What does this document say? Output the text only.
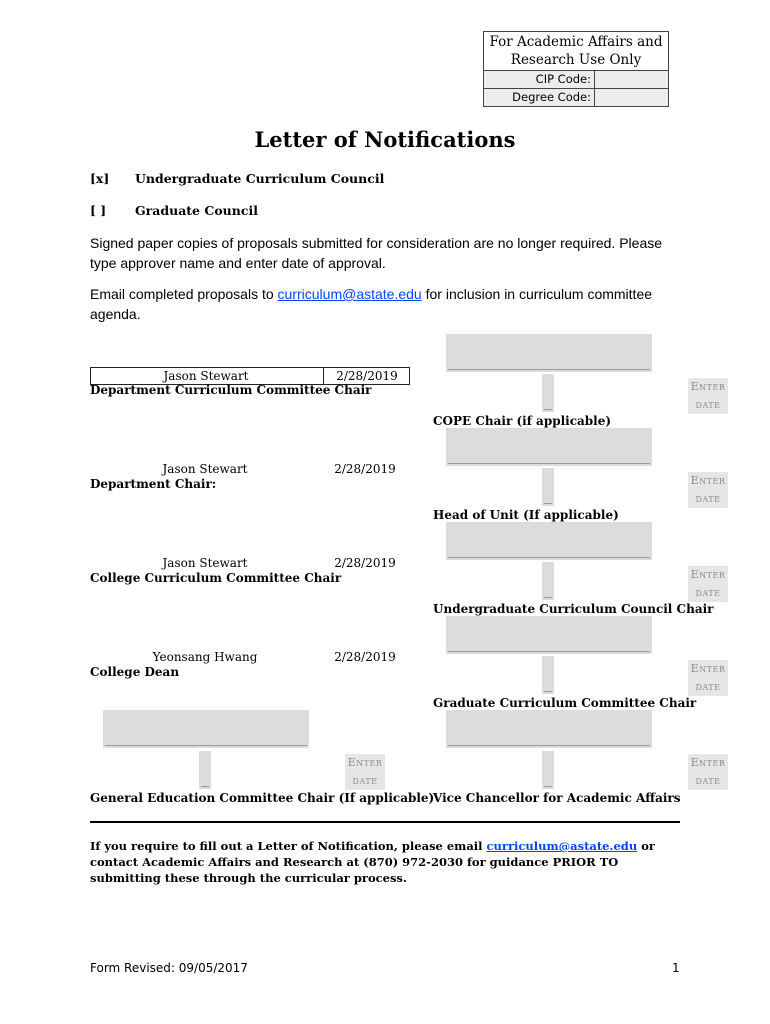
For Academic Affairs and Research Use Only
CIP Code:
Degree Code:
Letter of Notifications
[x] Undergraduate Curriculum Council
[ ] Graduate Council
Signed paper copies of proposals submitted for consideration are no longer required. Please type approver name and enter date of approval.
Email completed proposals to curriculum@astate.edu for inclusion in curriculum committee agenda.
Jason Stewart	2/28/2019
Department Curriculum Committee Chair
Jason Stewart	2/28/2019
Department Chair:
Jason Stewart	2/28/2019
College Curriculum Committee Chair
Yeonsang Hwang	2/28/2019
College Dean
Enter
date
General Education Committee Chair (If applicable)
Enter
date
COPE Chair (if applicable)
Enter
date
Head of Unit (If applicable)
Enter
date
Undergraduate Curriculum Council Chair
Enter
date
Graduate Curriculum Committee Chair
Enter
date
Vice Chancellor for Academic Affairs
If you require to fill out a Letter of Notification, please email curriculum@astate.edu or contact Academic Affairs and Research at (870) 972-2030 for guidance PRIOR TO submitting these through the curricular process.
Form Revised: 09/05/2017	1
